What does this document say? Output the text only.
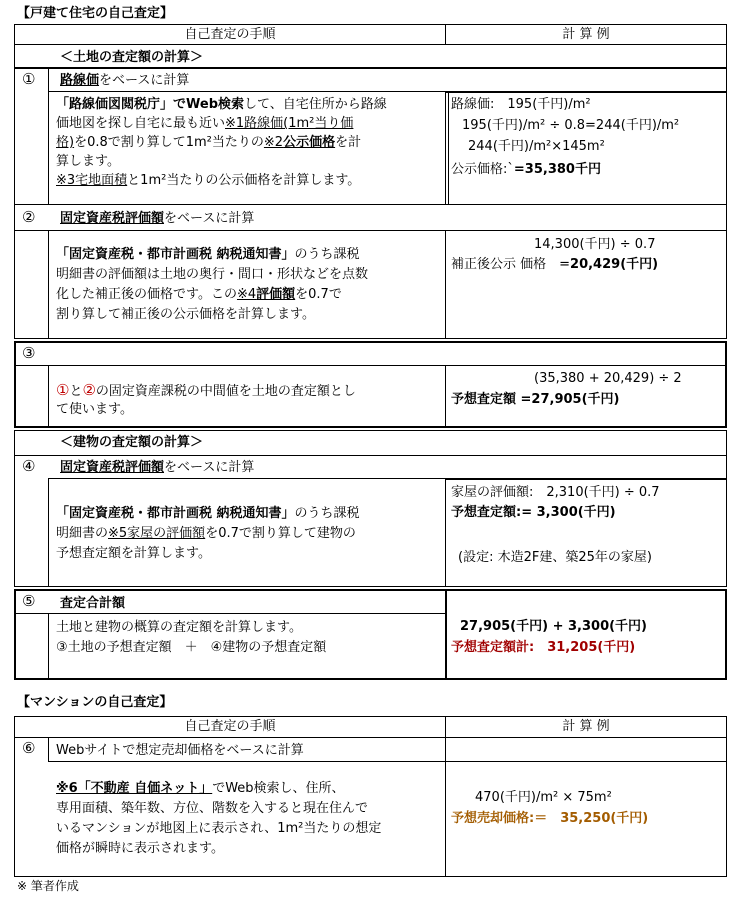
【戸建て住宅の自己査定】
自己査定の手順	計 算 例
＜土地の査定額の計算＞
① 路線価をベースに計算
「路線価図閲税庁」でWeb検索して、自宅住所から路線
価地図を探し自宅に最も近い※1路線価(1m²当り価
格)を0.8で割り算して1m²当たりの※2公示価格を計
算します。
※3宅地面積と1m²当たりの公示価格を計算します。
路線価:　195(千円)/m²
195(千円)/m² ÷ 0.8=244(千円)/m²
244(千円)/m²×145m²
公示価格:`=35,380千円
② 固定資産税評価額をベースに計算
「固定資産税・都市計画税 納税通知書」のうち課税
明細書の評価額は土地の奥行・間口・形状などを点数
化した補正後の価格です。この※4評価額を0.7で
割り算して補正後の公示価格を計算します。
14,300(千円) ÷ 0.7
補正後公示 価格　=20,429(千円)
③
①と②の固定資産課税の中間値を土地の査定額とし
て使います。
(35,380 + 20,429) ÷ 2
予想査定額 =27,905(千円)
＜建物の査定額の計算＞
④ 固定資産税評価額をベースに計算
「固定資産税・都市計画税 納税通知書」のうち課税
明細書の※5家屋の評価額を0.7で割り算して建物の
予想査定額を計算します。
家屋の評価額:　2,310(千円) ÷ 0.7
予想査定額:= 3,300(千円)
(設定: 木造2F建、築25年の家屋)
⑤ 査定合計額
土地と建物の概算の査定額を計算します。
③土地の予想査定額　＋　④建物の予想査定額
27,905(千円) + 3,300(千円)
予想査定額計:　31,205(千円)
【マンションの自己査定】
自己査定の手順	計 算 例
⑥ Webサイトで想定売却価格をベースに計算
※6「不動産 自価ネット」でWeb検索し、住所、
専用面積、築年数、方位、階数を入すると現在住んで
いるマンションが地図上に表示され、1m²当たりの想定
価格が瞬時に表示されます。
470(千円)/m² × 75m²
予想売却価格:＝　35,250(千円)
※ 筆者作成
